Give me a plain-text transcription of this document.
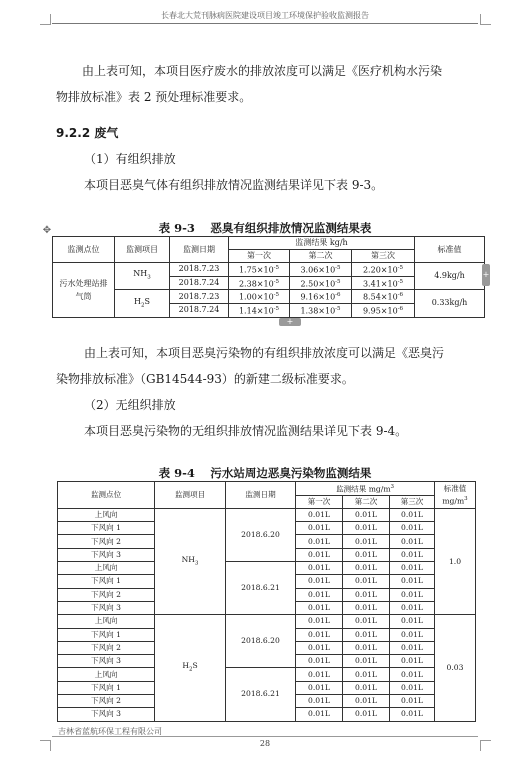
长春北大荒刊脉病医院建设项目竣工环境保护验收监测报告
由上表可知，本项目医疗废水的排放浓度可以满足《医疗机构水污染
物排放标准》表 2 预处理标准要求。
9.2.2 废气
（1）有组织排放
本项目恶臭气体有组织排放情况监测结果详见下表 9-3。
✥	表 9-3　 恶臭有组织排放情况监测结果表
监测点位	监测项目	监测日期	监测结果 kg/h			标准值
			第一次	第二次	第三次	
污水处理站排气筒	$NH_3$	2018.7.23	$1.75\times 10^{-5}$	$3.06\times 10^{-5}$	$2.20\times 10^{-5}$	4.9kg/h
		2018.7.24	$2.38\times 10^{-5}$	$2.50\times 10^{-5}$	$3.41\times 10^{-5}$
	$H_2S$	2018.7.23	$1.00\times 10^{-5}$	$9.16\times 10^{-6}$	$8.54\times 10^{-6}$	0.33kg/h
		2018.7.24	$1.14\times 10^{-5}$	$1.38\times 10^{-5}$	$9.95\times 10^{-6}$
+
+
由上表可知，本项目恶臭污染物的有组织排放浓度可以满足《恶臭污
染物排放标准》（GB14544-93）的新建二级标准要求。
（2）无组织排放
本项目恶臭污染物的无组织排放情况监测结果详见下表 9-4。
表 9-4　 污水站周边恶臭污染物监测结果
监测点位	监测项目	监测日期	监测结果 $mg/m^3$			标准值
$mg/m^3$
			第一次	第二次	第三次	
上风向	$NH_3$	2018.6.20	0.01L	0.01L	0.01L	1.0
下风向 1			0.01L	0.01L	0.01L	
下风向 2			0.01L	0.01L	0.01L	
下风向 3			0.01L	0.01L	0.01L	
上风向		2018.6.21	0.01L	0.01L	0.01L	
下风向 1			0.01L	0.01L	0.01L	
下风向 2			0.01L	0.01L	0.01L	
下风向 3			0.01L	0.01L	0.01L	
上风向	$H_2S$	2018.6.20	0.01L	0.01L	0.01L	0.03
下风向 1			0.01L	0.01L	0.01L	
下风向 2			0.01L	0.01L	0.01L	
下风向 3			0.01L	0.01L	0.01L	
上风向		2018.6.21	0.01L	0.01L	0.01L	
下风向 1			0.01L	0.01L	0.01L	
下风向 2			0.01L	0.01L	0.01L	
下风向 3			0.01L	0.01L	0.01L	
吉林省蓝航环保工程有限公司
28
